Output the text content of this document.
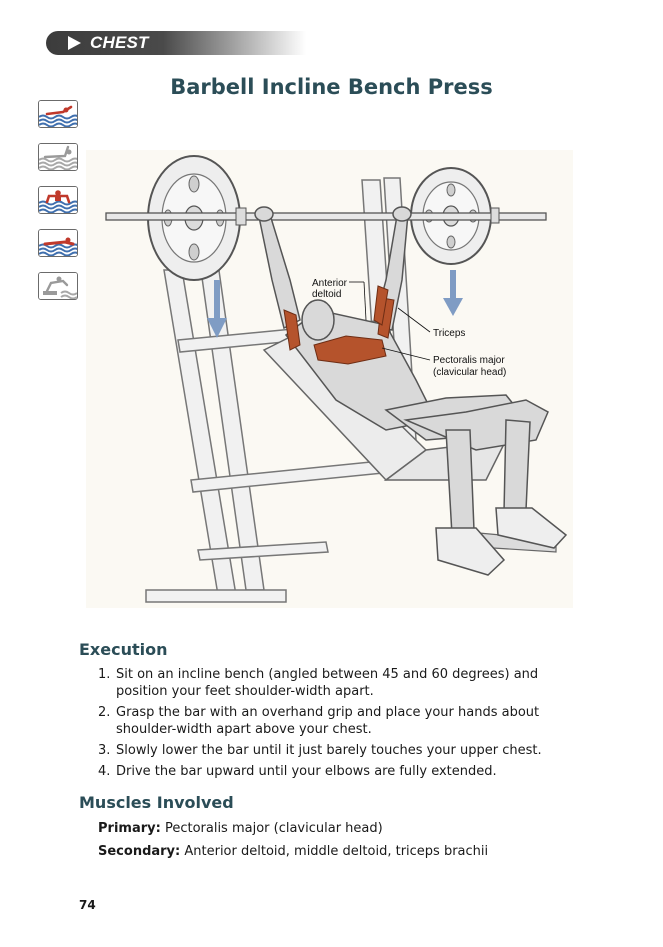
CHEST
Barbell Incline Bench Press
Anterior
deltoid
Triceps
Pectoralis major
(clavicular head)
Execution
1. Sit on an incline bench (angled between 45 and 60 degrees) and position your feet shoulder-width apart.
2. Grasp the bar with an overhand grip and place your hands about shoulder-width apart above your chest.
3. Slowly lower the bar until it just barely touches your upper chest.
4. Drive the bar upward until your elbows are fully extended.
Muscles Involved
Primary: Pectoralis major (clavicular head)
Secondary: Anterior deltoid, middle deltoid, triceps brachii
74
